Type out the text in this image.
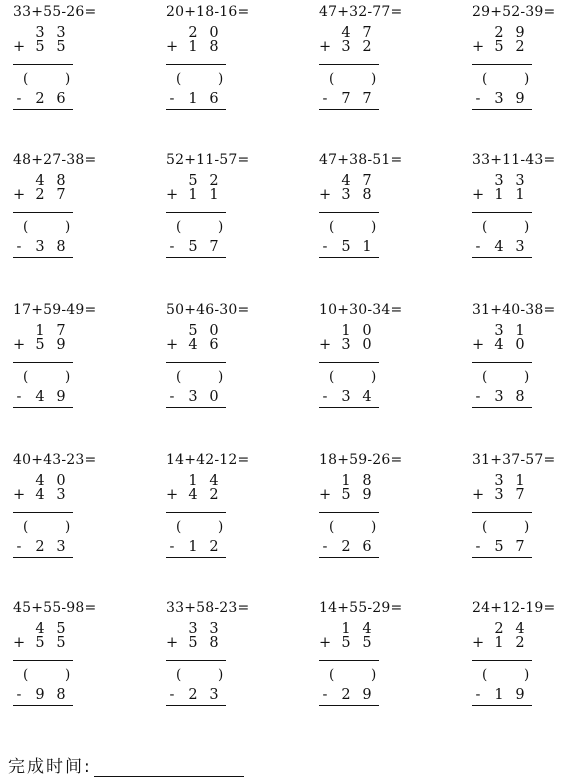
33+55-26=
3 3
+ 5 5
(	)
- 2 6
20+18-16=
2 0
+ 1 8
(	)
- 1 6
47+32-77=
4 7
+ 3 2
(	)
- 7 7
29+52-39=
2 9
+ 5 2
(	)
- 3 9
48+27-38=
4 8
+ 2 7
(	)
- 3 8
52+11-57=
5 2
+ 1 1
(	)
- 5 7
47+38-51=
4 7
+ 3 8
(	)
- 5 1
33+11-43=
3 3
+ 1 1
(	)
- 4 3
17+59-49=
1 7
+ 5 9
(	)
- 4 9
50+46-30=
5 0
+ 4 6
(	)
- 3 0
10+30-34=
1 0
+ 3 0
(	)
- 3 4
31+40-38=
3 1
+ 4 0
(	)
- 3 8
40+43-23=
4 0
+ 4 3
(	)
- 2 3
14+42-12=
1 4
+ 4 2
(	)
- 1 2
18+59-26=
1 8
+ 5 9
(	)
- 2 6
31+37-57=
3 1
+ 3 7
(	)
- 5 7
45+55-98=
4 5
+ 5 5
(	)
- 9 8
33+58-23=
3 3
+ 5 8
(	)
- 2 3
14+55-29=
1 4
+ 5 5
(	)
- 2 9
24+12-19=
2 4
+ 1 2
(	)
- 1 9
完成时间:
